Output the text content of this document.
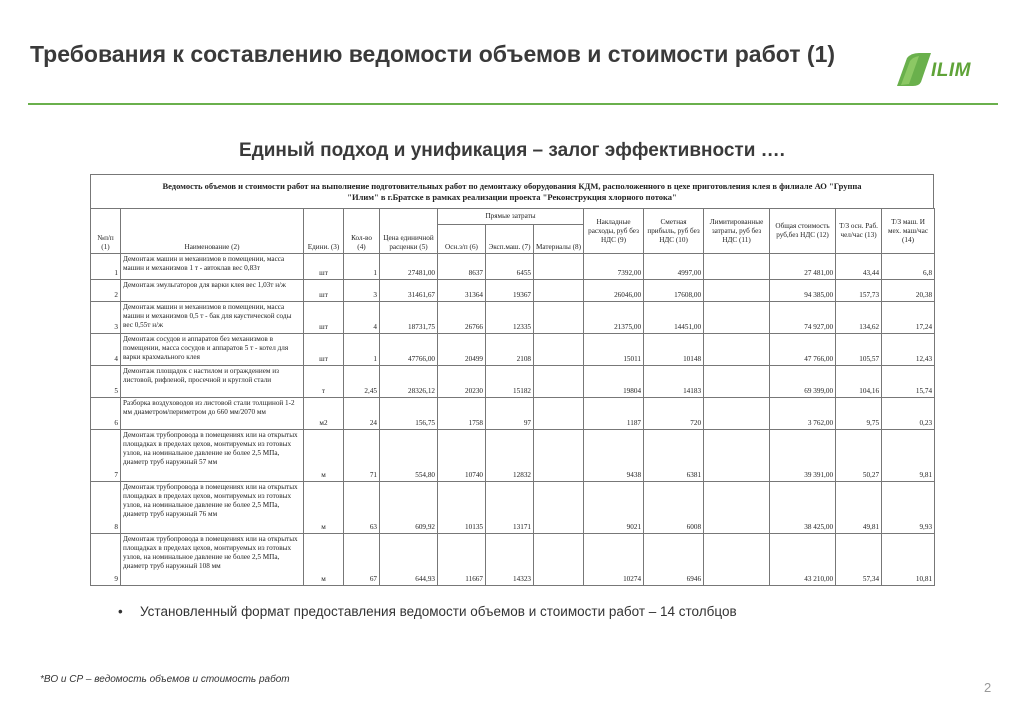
Требования к составлению ведомости объемов и стоимости работ (1)
ILIM
Единый подход и унификация – залог эффективности ….
Ведомость объемов и стоимости работ на выполнение подготовительных работ по демонтажу оборудования КДМ, расположенного в цехе приготовления клея в филиале АО "Группа
"Илим" в г.Братске в рамках реализации проекта "Реконструкция хлорного потока"
№п/п (1)	Наименование (2)	Едини. (3)	Кол-во (4)	Цена единичной расценки (5)	Прямые затраты			Накладные расходы, руб без НДС (9)	Сметная прибыль, руб без НДС (10)	Лимитированные затраты, руб без НДС (11)	Общая стоимость руб,без НДС (12)	Т/З осн. Раб. чел/час (13)	Т/З маш. И мех. маш/час (14)
					Осн.з/п (6)	Эксп.маш. (7)	Материалы (8)						
1	Демонтаж машин и механизмов в помещении, масса машин и механизмов 1 т - автоклав вес 0,83т	шт	1	27481,00	8637	6455		7392,00	4997,00		27 481,00	43,44	6,8
2	Демонтаж эмульгаторов для варки клея вес 1,03т н/ж	шт	3	31461,67	31364	19367		26046,00	17608,00		94 385,00	157,73	20,38
3	Демонтаж машин и механизмов в помещении, масса машин и механизмов 0,5 т - бак для каустической соды вес 0,55т н/ж	шт	4	18731,75	26766	12335		21375,00	14451,00		74 927,00	134,62	17,24
4	Демонтаж сосудов и аппаратов без механизмов в помещении, масса сосудов и аппаратов 5 т - котел для варки крахмального клея	шт	1	47766,00	20499	2108		15011	10148		47 766,00	105,57	12,43
5	Демонтаж площадок с настилом и ограждением из листовой, рифленой, просечной и круглой стали	т	2,45	28326,12	20230	15182		19804	14183		69 399,00	104,16	15,74
6	Разборка воздуховодов из листовой стали толщиной 1-2 мм диаметром/периметром до 660 мм/2070 мм	м2	24	156,75	1758	97		1187	720		3 762,00	9,75	0,23
7	Демонтаж трубопровода в помещениях или на открытых площадках в пределах цехов, монтируемых из готовых узлов, на номинальное давление не более 2,5 МПа, диаметр труб наружный 57 мм	м	71	554,80	10740	12832		9438	6381		39 391,00	50,27	9,81
8	Демонтаж трубопровода в помещениях или на открытых площадках в пределах цехов, монтируемых из готовых узлов, на номинальное давление не более 2,5 МПа, диаметр труб наружный 76 мм	м	63	609,92	10135	13171		9021	6008		38 425,00	49,81	9,93
9	Демонтаж трубопровода в помещениях или на открытых площадках в пределах цехов, монтируемых из готовых узлов, на номинальное давление не более 2,5 МПа, диаметр труб наружный 108 мм	м	67	644,93	11667	14323		10274	6946		43 210,00	57,34	10,81
• Установленный формат предоставления ведомости объемов и стоимости работ – 14 столбцов
*ВО и СР – ведомость объемов и стоимость работ
2
